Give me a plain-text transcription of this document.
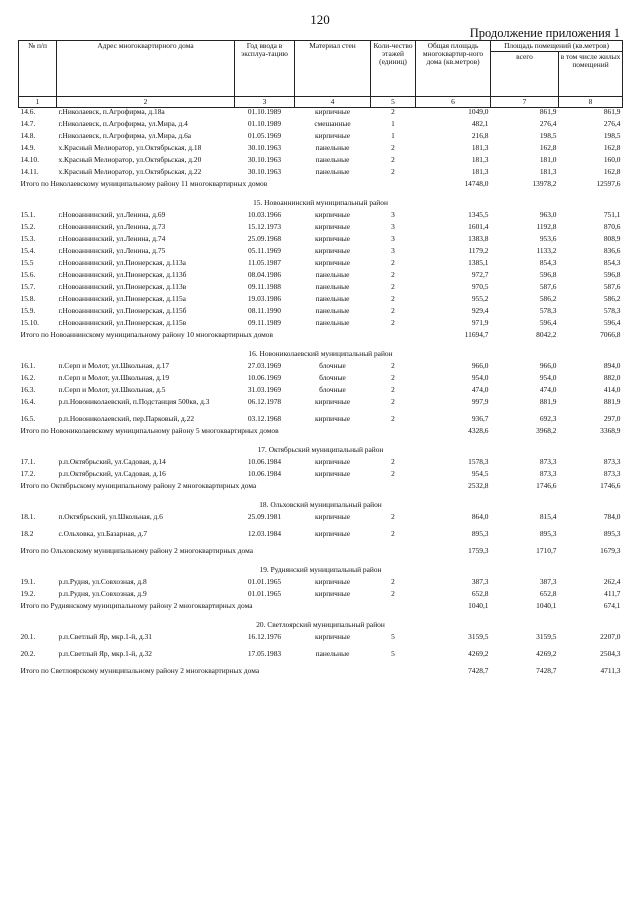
120
Продолжение приложения 1
№ п/п	Адрес многоквартирного дома	Год ввода в эксплуа-тацию	Материал стен	Коли-чество этажей (единиц)	Общая площадь многоквартир-ного дома (кв.метров)	Площадь помещений (кв.метров)	
						всего	в том числе жилых помещений
1	2	3	4	5	6	7	8
14.6.	г.Николаевск, п.Агрофирма, д.18а	01.10.1989	кирпичные	2	1049,0	861,9	861,9
14.7.	г.Николаевск, п.Агрофирма, ул.Мира, д.4	01.10.1989	смешанные	1	482,1	276,4	276,4
14.8.	г.Николаевск, п.Агрофирма, ул.Мира, д.6а	01.05.1969	кирпичные	1	216,8	198,5	198,5
14.9.	х.Красный Мелиоратор, ул.Октябрьская, д.18	30.10.1963	панельные	2	181,3	162,8	162,8
14.10.	х.Красный Мелиоратор, ул.Октябрьская, д.20	30.10.1963	панельные	2	181,3	181,0	160,0
14.11.	х.Красный Мелиоратор, ул.Октябрьская, д.22	30.10.1963	панельные	2	181,3	181,3	162,8
Итого по Николаевскому муниципальному району 11 многоквартирных домов					14748,0	13978,2	12597,6
15. Новоаннинский муниципальный район							
15.1.	г.Новоаннинский, ул.Ленина, д.69	10.03.1966	кирпичные	3	1345,5	963,0	751,1
15.2.	г.Новоаннинский, ул.Ленина, д.73	15.12.1973	кирпичные	3	1601,4	1192,8	870,6
15.3.	г.Новоаннинский, ул.Ленина, д.74	25.09.1968	кирпичные	3	1383,8	953,6	808,9
15.4.	г.Новоаннинский, ул.Ленина, д.75	05.11.1969	кирпичные	3	1179,2	1133,2	836,6
15.5	г.Новоаннинский, ул.Пионерская, д.113а	11.05.1987	кирпичные	2	1385,1	854,3	854,3
15.6.	г.Новоаннинский, ул.Пионерская, д.113б	08.04.1986	панельные	2	972,7	596,8	596,8
15.7.	г.Новоаннинский, ул.Пионерская, д.113в	09.11.1988	панельные	2	970,5	587,6	587,6
15.8.	г.Новоаннинский, ул.Пионерская, д.115а	19.03.1986	панельные	2	955,2	586,2	586,2
15.9.	г.Новоаннинский, ул.Пионерская, д.115б	08.11.1990	панельные	2	929,4	578,3	578,3
15.10.	г.Новоаннинский, ул.Пионерская, д.115в	09.11.1989	панельные	2	971,9	596,4	596,4
Итого по Новоаннинскому муниципальному району 10 многоквартирных домов					11694,7	8042,2	7066,8
16. Новониколаевский муниципальный район							
16.1.	п.Серп и Молот, ул.Школьная, д.17	27.03.1969	блочные	2	966,0	966,0	894,0
16.2.	п.Серп и Молот, ул.Школьная, д.19	10.06.1969	блочные	2	954,0	954,0	882,0
16.3.	п.Серп и Молот, ул.Школьная, д.5	31.03.1969	блочные	2	474,0	474,0	414,0
16.4.	р.п.Новониколаевский, п.Подстанция 500кв, д.3	06.12.1978	кирпичные	2	997,9	881,9	881,9
16.5.	р.п.Новониколаевский, пер.Парковый, д.22	03.12.1968	кирпичные	2	936,7	692,3	297,0
Итого по Новониколаевскому муниципальному району 5 многоквартирных домов					4328,6	3968,2	3368,9
17. Октябрьский муниципальный район							
17.1.	р.п.Октябрьский, ул.Садовая, д.14	10.06.1984	кирпичные	2	1578,3	873,3	873,3
17.2.	р.п.Октябрьский, ул.Садовая, д.16	10.06.1984	кирпичные	2	954,5	873,3	873,3
Итого по Октябрьскому муниципальному району 2 многоквартирных дома					2532,8	1746,6	1746,6
18. Ольховский муниципальный район							
18.1.	п.Октябрьский, ул.Школьная, д.6	25.09.1981	кирпичные	2	864,0	815,4	784,0
18.2	с.Ольховка, ул.Базарная, д.7	12.03.1984	кирпичные	2	895,3	895,3	895,3
Итого по Ольховскому муниципальному району 2 многоквартирных дома					1759,3	1710,7	1679,3
19. Руднянский муниципальный район							
19.1.	р.п.Рудня, ул.Совхозная, д.8	01.01.1965	кирпичные	2	387,3	387,3	262,4
19.2.	р.п.Рудня, ул.Совхозная, д.9	01.01.1965	кирпичные	2	652,8	652,8	411,7
Итого по Руднянскому муниципальному району 2 многоквартирных дома					1040,1	1040,1	674,1
20. Светлоярский муниципальный район							
20.1.	р.п.Светлый Яр, мкр.1-й, д.31	16.12.1976	кирпичные	5	3159,5	3159,5	2207,0
20.2.	р.п.Светлый Яр, мкр.1-й, д.32	17.05.1983	панельные	5	4269,2	4269,2	2504,3
Итого по Светлоярскому муниципальному району 2 многоквартирных дома					7428,7	7428,7	4711,3
